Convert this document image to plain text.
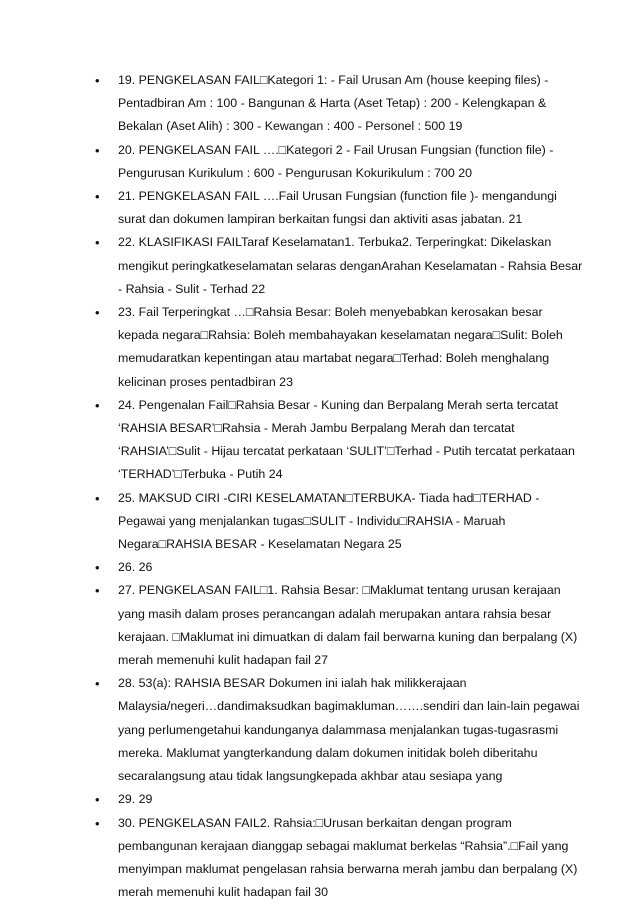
• 19. PENGKELASAN FAIL□Kategori 1: - Fail Urusan Am (house keeping files) -
Pentadbiran Am : 100 - Bangunan & Harta (Aset Tetap) : 200 - Kelengkapan &
Bekalan (Aset Alih) : 300 - Kewangan : 400 - Personel : 500 19
• 20. PENGKELASAN FAIL ….□Kategori 2 - Fail Urusan Fungsian (function file) -
Pengurusan Kurikulum : 600 - Pengurusan Kokurikulum : 700 20
• 21. PENGKELASAN FAIL ….Fail Urusan Fungsian (function file )- mengandungi
surat dan dokumen lampiran berkaitan fungsi dan aktiviti asas jabatan. 21
• 22. KLASIFIKASI FAILTaraf Keselamatan1. Terbuka2. Terperingkat: Dikelaskan
mengikut peringkatkeselamatan selaras denganArahan Keselamatan - Rahsia Besar
- Rahsia - Sulit - Terhad 22
• 23. Fail Terperingkat …□Rahsia Besar: Boleh menyebabkan kerosakan besar
kepada negara□Rahsia: Boleh membahayakan keselamatan negara□Sulit: Boleh
memudaratkan kepentingan atau martabat negara□Terhad: Boleh menghalang
kelicinan proses pentadbiran 23
• 24. Pengenalan Fail□Rahsia Besar - Kuning dan Berpalang Merah serta tercatat
‘RAHSIA BESAR’□Rahsia - Merah Jambu Berpalang Merah dan tercatat
‘RAHSIA’□Sulit - Hijau tercatat perkataan ‘SULIT’□Terhad - Putih tercatat perkataan
‘TERHAD’□Terbuka - Putih 24
• 25. MAKSUD CIRI -CIRI KESELAMATAN□TERBUKA- Tiada had□TERHAD -
Pegawai yang menjalankan tugas□SULIT - Individu□RAHSIA - Maruah
Negara□RAHSIA BESAR - Keselamatan Negara 25
• 26. 26
• 27. PENGKELASAN FAIL□1. Rahsia Besar: □Maklumat tentang urusan kerajaan
yang masih dalam proses perancangan adalah merupakan antara rahsia besar
kerajaan. □Maklumat ini dimuatkan di dalam fail berwarna kuning dan berpalang (X)
merah memenuhi kulit hadapan fail 27
• 28. 53(a): RAHSIA BESAR Dokumen ini ialah hak milikkerajaan
Malaysia/negeri…dandimaksudkan bagimakluman…….sendiri dan lain-lain pegawai
yang perlumengetahui kandunganya dalammasa menjalankan tugas-tugasrasmi
mereka. Maklumat yangterkandung dalam dokumen initidak boleh diberitahu
secaralangsung atau tidak langsungkepada akhbar atau sesiapa yang
• 29. 29
• 30. PENGKELASAN FAIL2. Rahsia:□Urusan berkaitan dengan program
pembangunan kerajaan dianggap sebagai maklumat berkelas “Rahsia”.□Fail yang
menyimpan maklumat pengelasan rahsia berwarna merah jambu dan berpalang (X)
merah memenuhi kulit hadapan fail 30
